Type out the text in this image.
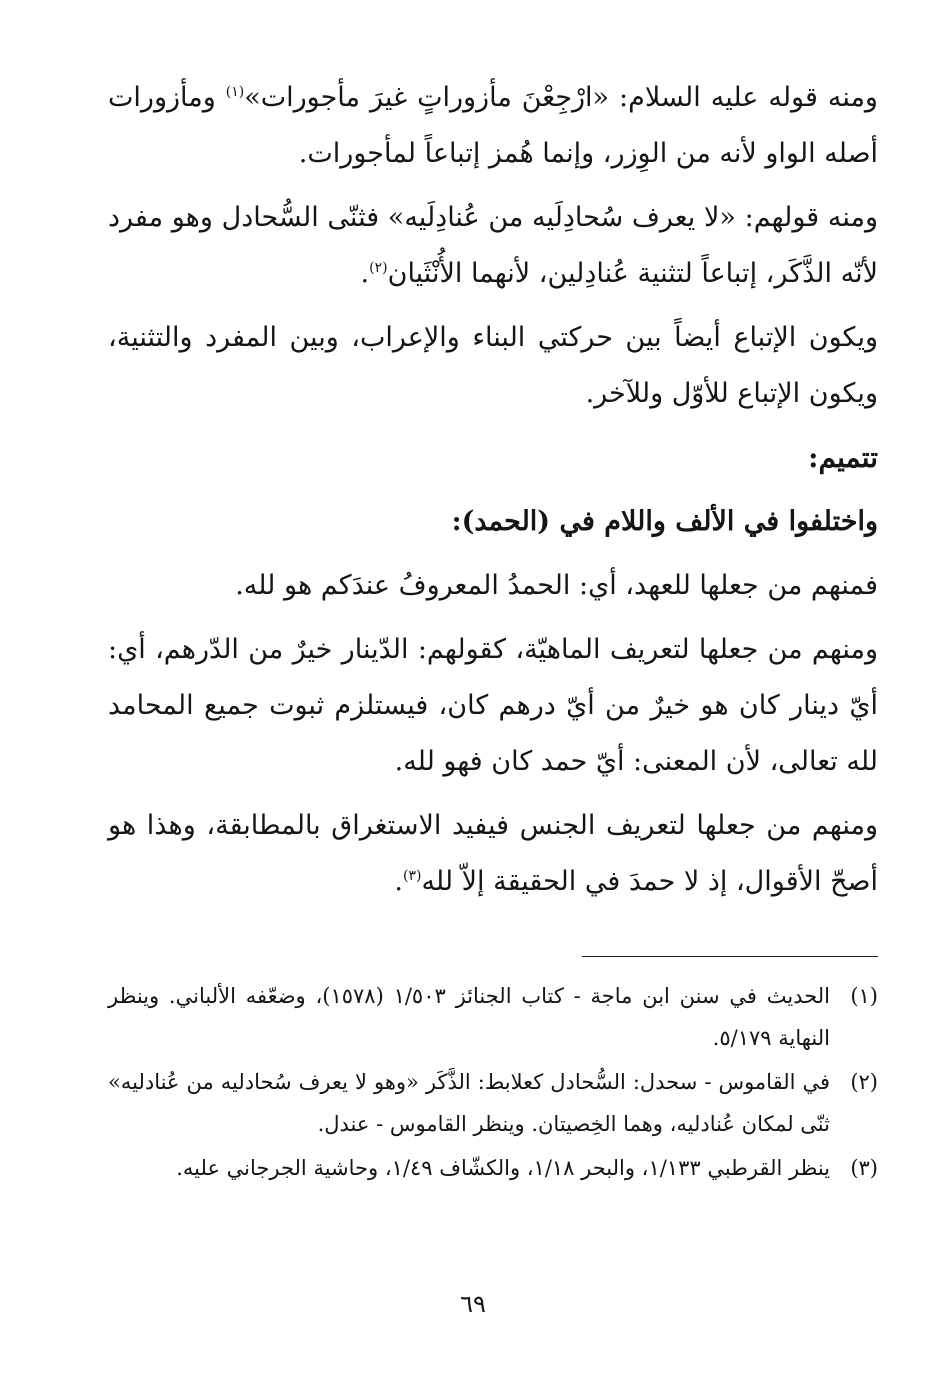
ومنه قوله عليه السلام: «ارْجِعْنَ مأزوراتٍ غيرَ مأجورات»$^{(١)}$ ومأزورات أصله الواو لأنه من الوِزر، وإنما هُمز إتباعاً لمأجورات.

ومنه قولهم: «لا يعرف سُحادِلَيه من عُنادِلَيه» فثنّى السُّحادل وهو مفرد لأنّه الذَّكَر، إتباعاً لتثنية عُنادِلين، لأنهما الأُنْثَيان$^{(٢)}$.

ويكون الإتباع أيضاً بين حركتي البناء والإعراب، وبين المفرد والتثنية، ويكون الإتباع للأوّل وللآخر.

تتميم:
واختلفوا في الألف واللام في (الحمد):

فمنهم من جعلها للعهد، أي: الحمدُ المعروفُ عندَكم هو لله.

ومنهم من جعلها لتعريف الماهيّة، كقولهم: الدّينار خيرٌ من الدّرهم، أي: أيّ دينار كان هو خيرٌ من أيّ درهم كان، فيستلزم ثبوت جميع المحامد لله تعالى، لأن المعنى: أيّ حمد كان فهو لله.

ومنهم من جعلها لتعريف الجنس فيفيد الاستغراق بالمطابقة، وهذا هو أصحّ الأقوال، إذ لا حمدَ في الحقيقة إلاّ لله$^{(٣)}$.

(١)
الحديث في سنن ابن ماجة - كتاب الجنائز ١/٥٠٣ (١٥٧٨)، وضعّفه الألباني. وينظر النهاية ٥/١٧٩.
(٢)
في القاموس - سحدل: السُّحادل كعلابط: الذَّكَر «وهو لا يعرف سُحادليه من عُنادليه» ثنّى لمكان عُنادليه، وهما الخِصيتان. وينظر القاموس - عندل.
(٣)
ينظر القرطبي ١/١٣٣، والبحر ١/١٨، والكشّاف ١/٤٩، وحاشية الجرجاني عليه.
٦٩
